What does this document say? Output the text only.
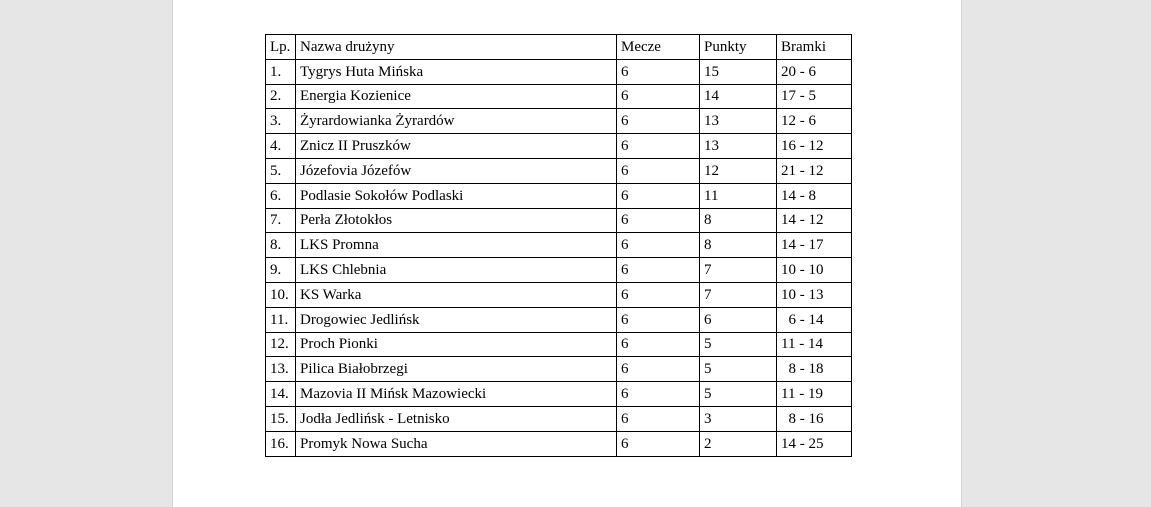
Lp.	Nazwa drużyny	Mecze	Punkty	Bramki
1.	Tygrys Huta Mińska	6	15	20 - 6
2.	Energia Kozienice	6	14	17 - 5
3.	Żyrardowianka Żyrardów	6	13	12 - 6
4.	Znicz II Pruszków	6	13	16 - 12
5.	Józefovia Józefów	6	12	21 - 12
6.	Podlasie Sokołów Podlaski	6	11	14 - 8
7.	Perła Złotokłos	6	8	14 - 12
8.	LKS Promna	6	8	14 - 17
9.	LKS Chlebnia	6	7	10 - 10
10.	KS Warka	6	7	10 - 13
11.	Drogowiec Jedlińsk	6	6	6 - 14
12.	Proch Pionki	6	5	11 - 14
13.	Pilica Białobrzegi	6	5	8 - 18
14.	Mazovia II Mińsk Mazowiecki	6	5	11 - 19
15.	Jodła Jedlińsk - Letnisko	6	3	8 - 16
16.	Promyk Nowa Sucha	6	2	14 - 25
